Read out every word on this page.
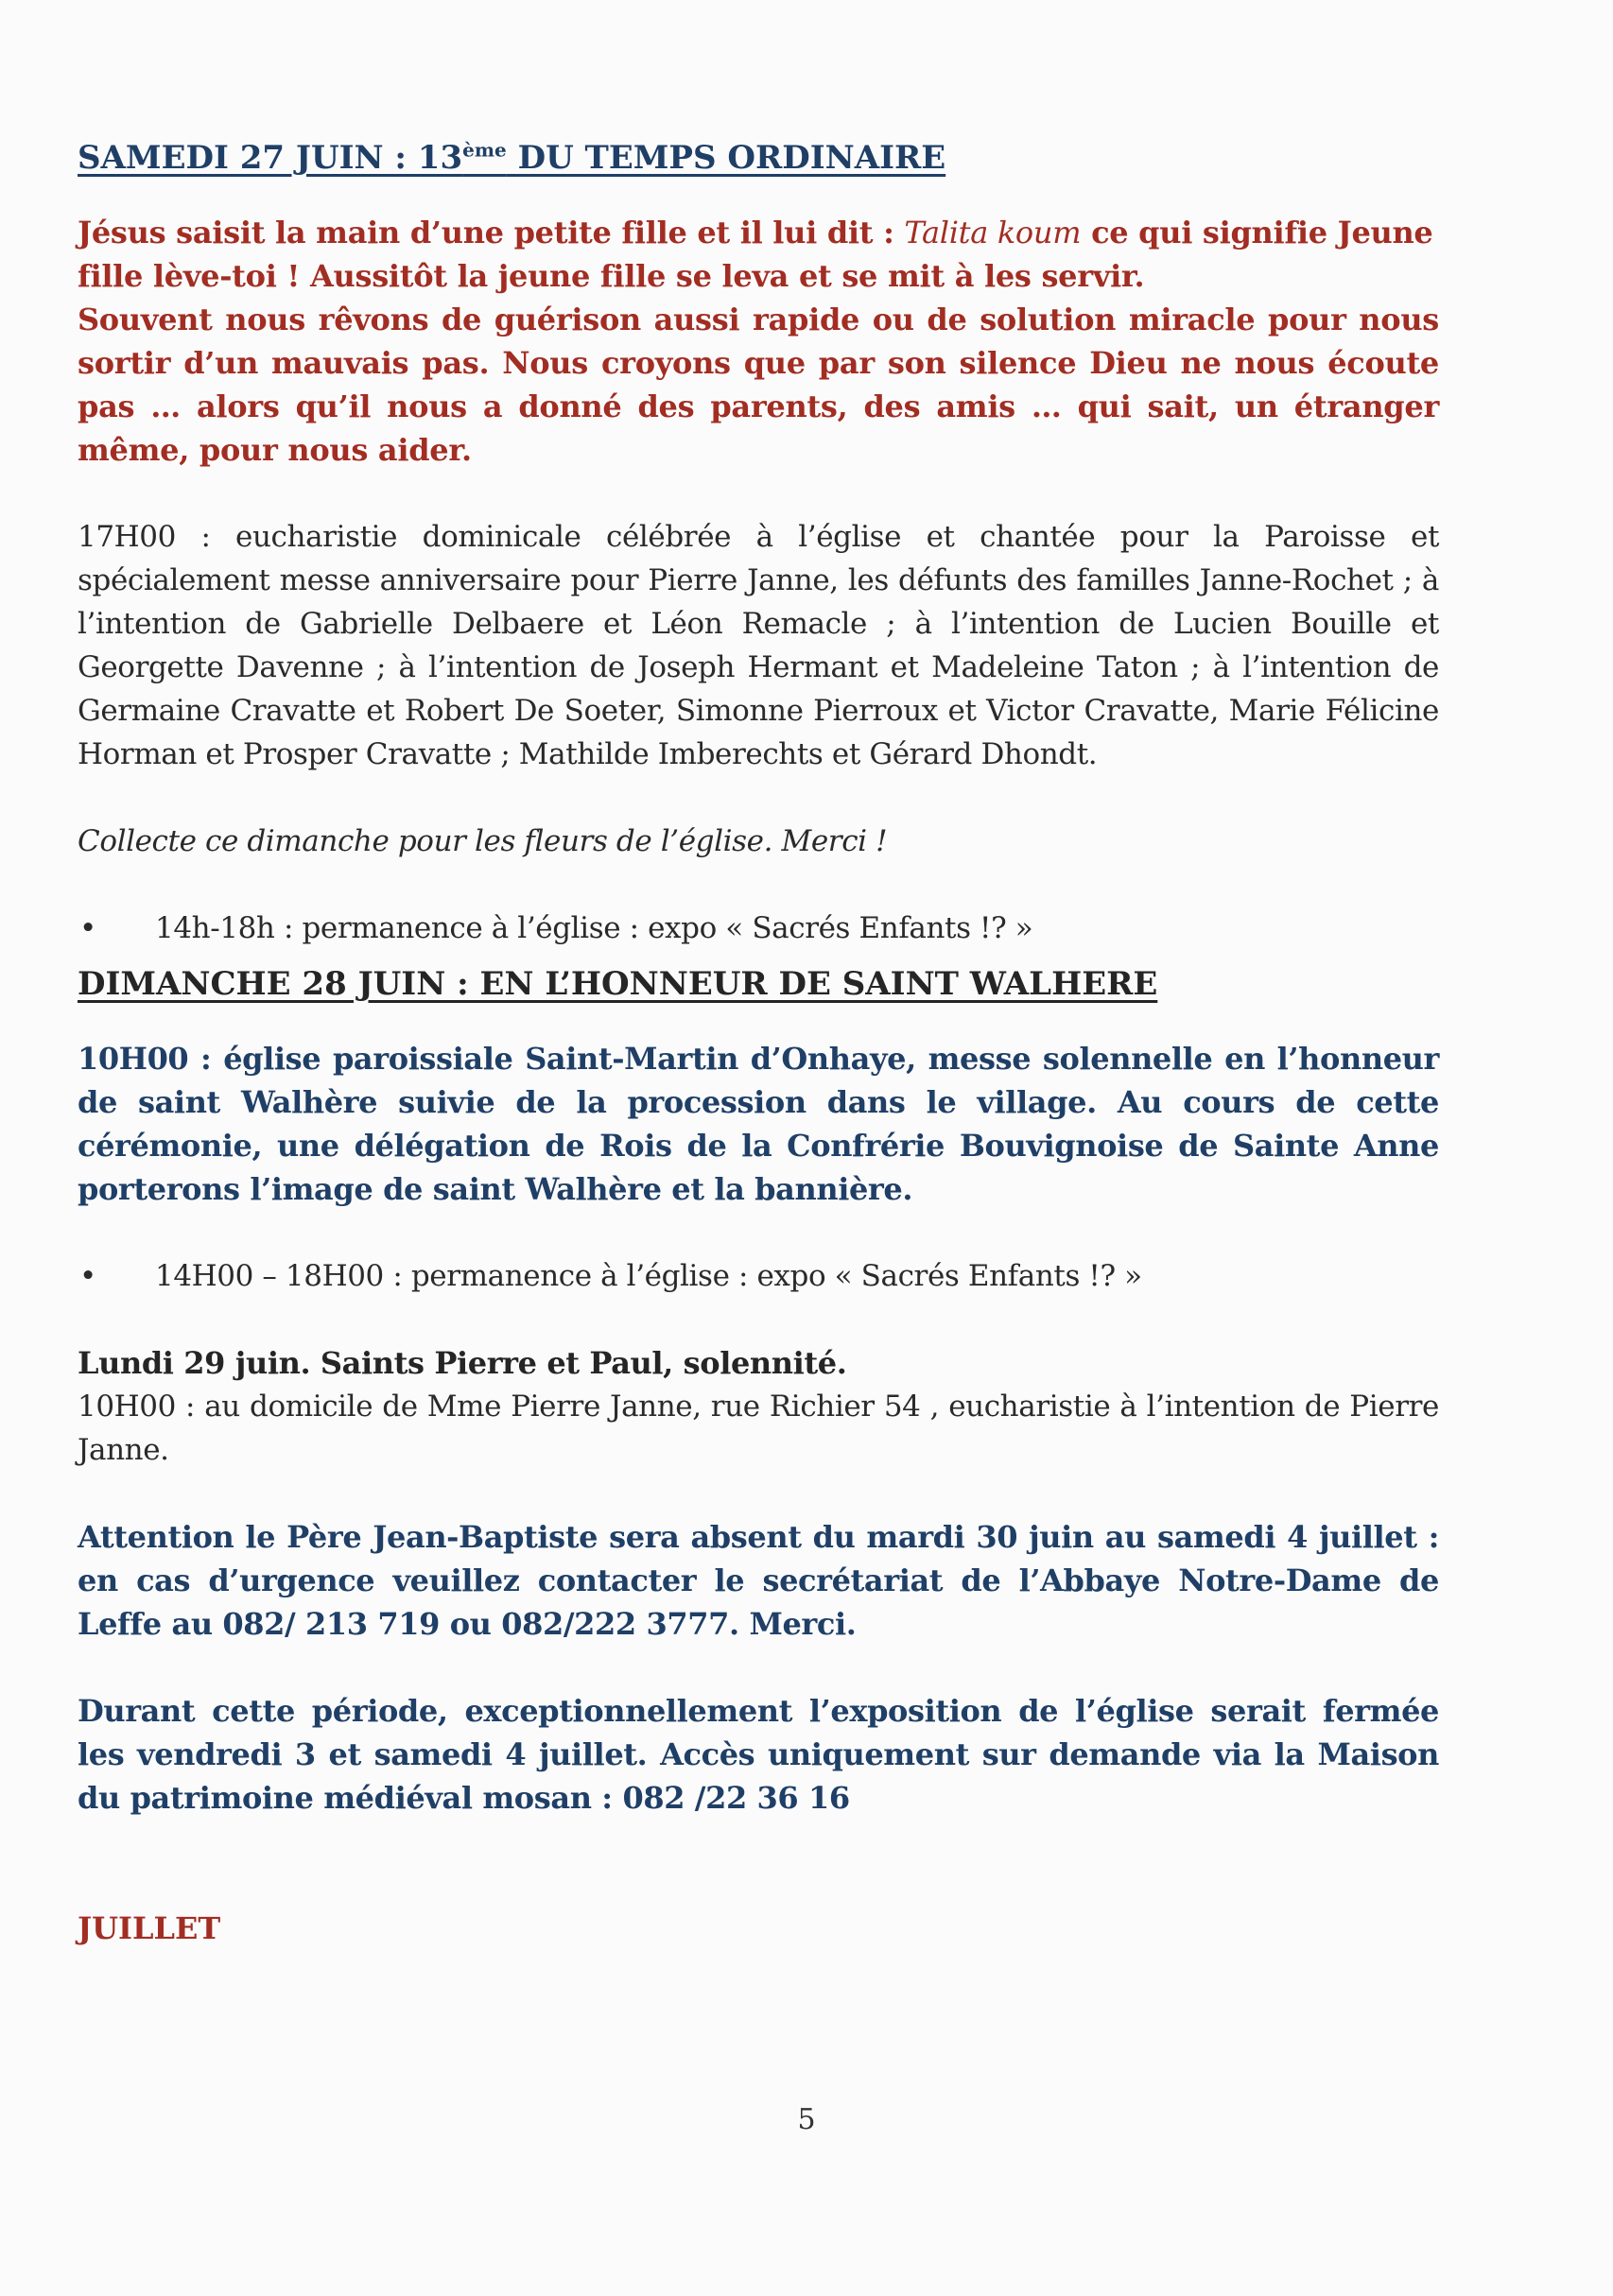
SAMEDI 27 JUIN : 13ème DU TEMPS ORDINAIRE

Jésus saisit la main d’une petite fille et il lui dit : Talita koum ce qui signifie Jeune fille lève-toi ! Aussitôt la jeune fille se leva et se mit à les servir.

Souvent nous rêvons de guérison aussi rapide ou de solution miracle pour nous sortir d’un mauvais pas. Nous croyons que par son silence Dieu ne nous écoute pas … alors qu’il nous a donné des parents, des amis … qui sait, un étranger même, pour nous aider.

17H00 : eucharistie dominicale célébrée à l’église et chantée pour la Paroisse et spécialement messe anniversaire pour Pierre Janne, les défunts des familles Janne-Rochet ; à l’intention de Gabrielle Delbaere et Léon Remacle ; à l’intention de Lucien Bouille et Georgette Davenne ; à l’intention de Joseph Hermant et Madeleine Taton ; à l’intention de Germaine Cravatte et Robert De Soeter, Simonne Pierroux et Victor Cravatte, Marie Félicine Horman et Prosper Cravatte ; Mathilde Imberechts et Gérard Dhondt.

Collecte ce dimanche pour les fleurs de l’église. Merci !

•	14h-18h : permanence à l’église : expo « Sacrés Enfants !? »
DIMANCHE 28 JUIN : EN L’HONNEUR DE SAINT WALHERE

10H00 : église paroissiale Saint-Martin d’Onhaye, messe solennelle en l’honneur de saint Walhère suivie de la procession dans le village. Au cours de cette cérémonie, une délégation de Rois de la Confrérie Bouvignoise de Sainte Anne porterons l’image de saint Walhère et la bannière.

•	14H00 – 18H00 : permanence à l’église : expo « Sacrés Enfants !? »

Lundi 29 juin. Saints Pierre et Paul, solennité.

10H00 : au domicile de Mme Pierre Janne, rue Richier 54 , eucharistie à l’intention de Pierre Janne.

Attention le Père Jean-Baptiste sera absent du mardi 30 juin au samedi 4 juillet : en cas d’urgence veuillez contacter le secrétariat de l’Abbaye Notre-Dame de Leffe au 082/ 213 719 ou 082/222 3777. Merci.

Durant cette période, exceptionnellement l’exposition de l’église serait fermée les vendredi 3 et samedi 4 juillet. Accès uniquement sur demande via la Maison du patrimoine médiéval mosan : 082 /22 36 16

JUILLET

5
